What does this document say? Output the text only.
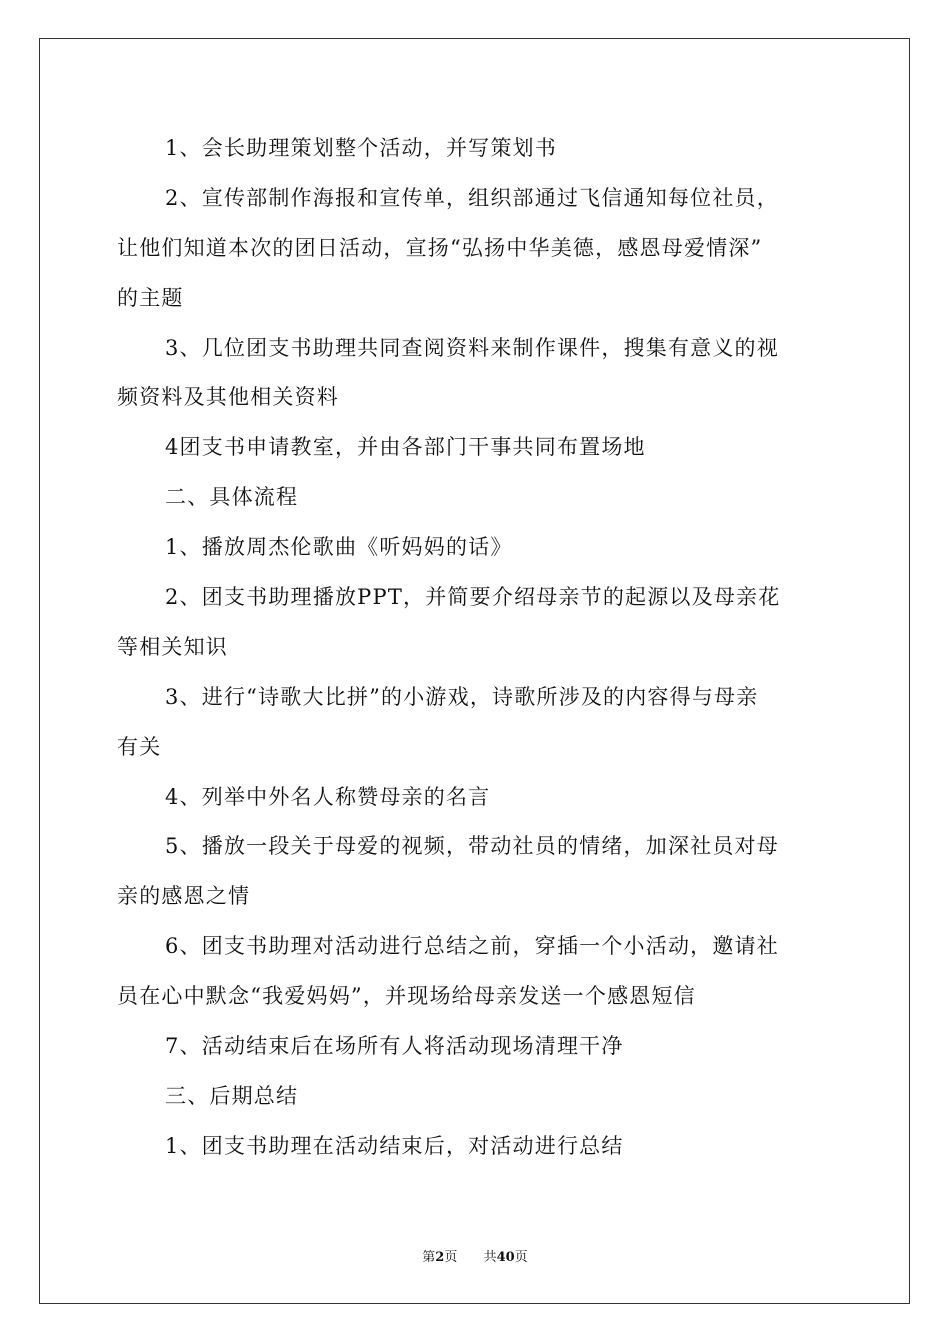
1、会长助理策划整个活动，并写策划书
2、宣传部制作海报和宣传单，组织部通过飞信通知每位社员，
让他们知道本次的团日活动，宣扬“弘扬中华美德，感恩母爱情深”
的主题
3、几位团支书助理共同查阅资料来制作课件，搜集有意义的视
频资料及其他相关资料
4团支书申请教室，并由各部门干事共同布置场地
二、具体流程
1、播放周杰伦歌曲《听妈妈的话》
2、团支书助理播放PPT，并简要介绍母亲节的起源以及母亲花
等相关知识
3、进行“诗歌大比拼”的小游戏，诗歌所涉及的内容得与母亲
有关
4、列举中外名人称赞母亲的名言
5、播放一段关于母爱的视频，带动社员的情绪，加深社员对母
亲的感恩之情
6、团支书助理对活动进行总结之前，穿插一个小活动，邀请社
员在心中默念“我爱妈妈”，并现场给母亲发送一个感恩短信
7、活动结束后在场所有人将活动现场清理干净
三、后期总结
1、团支书助理在活动结束后，对活动进行总结
第2页 共40页
